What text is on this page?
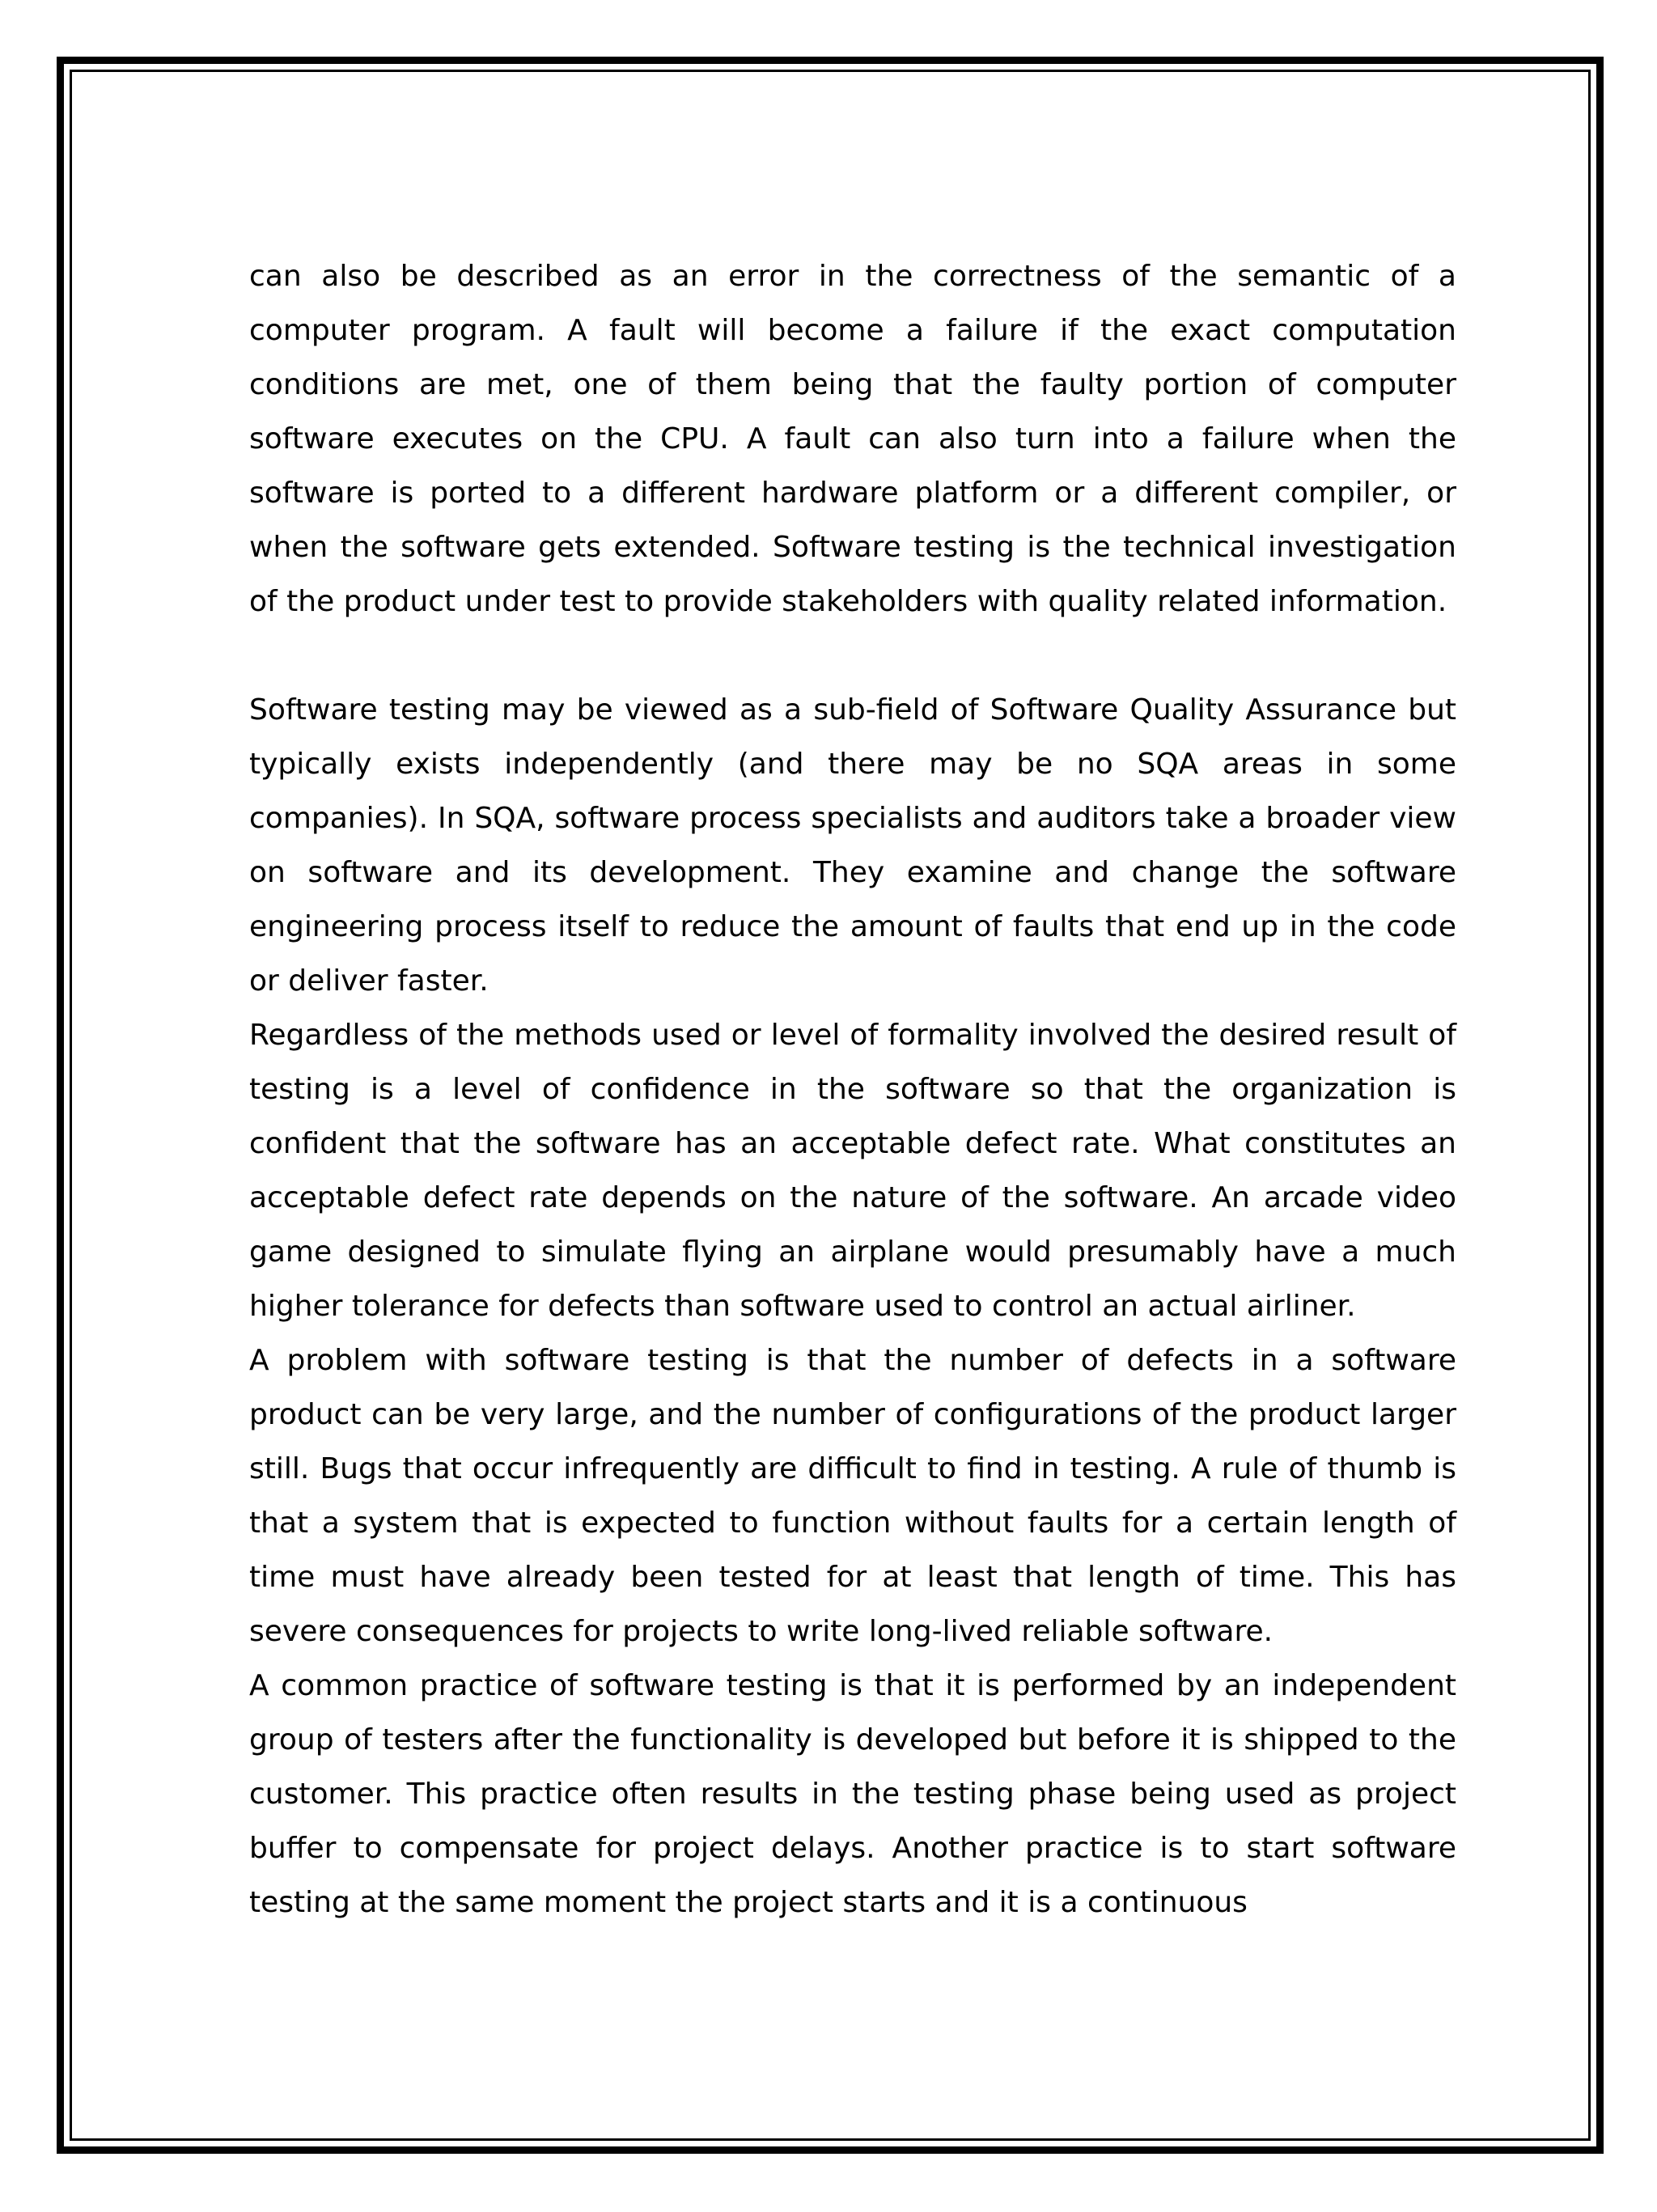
can also be described as an error in the correctness of the semantic of a computer program. A fault will become a failure if the exact computation conditions are met, one of them being that the faulty portion of computer software executes on the CPU. A fault can also turn into a failure when the software is ported to a different hardware platform or a different compiler, or when the software gets extended. Software testing is the technical investigation of the product under test to provide stakeholders with quality related information.

Software testing may be viewed as a sub-field of Software Quality Assurance but typically exists independently (and there may be no SQA areas in some companies). In SQA, software process specialists and auditors take a broader view on software and its development. They examine and change the software engineering process itself to reduce the amount of faults that end up in the code or deliver faster.

Regardless of the methods used or level of formality involved the desired result of testing is a level of confidence in the software so that the organization is confident that the software has an acceptable defect rate. What constitutes an acceptable defect rate depends on the nature of the software. An arcade video game designed to simulate flying an airplane would presumably have a much higher tolerance for defects than software used to control an actual airliner.

A problem with software testing is that the number of defects in a software product can be very large, and the number of configurations of the product larger still. Bugs that occur infrequently are difficult to find in testing. A rule of thumb is that a system that is expected to function without faults for a certain length of time must have already been tested for at least that length of time. This has severe consequences for projects to write long-lived reliable software.

A common practice of software testing is that it is performed by an independent group of testers after the functionality is developed but before it is shipped to the customer. This practice often results in the testing phase being used as project buffer to compensate for project delays. Another practice is to start software testing at the same moment the project starts and it is a continuous
